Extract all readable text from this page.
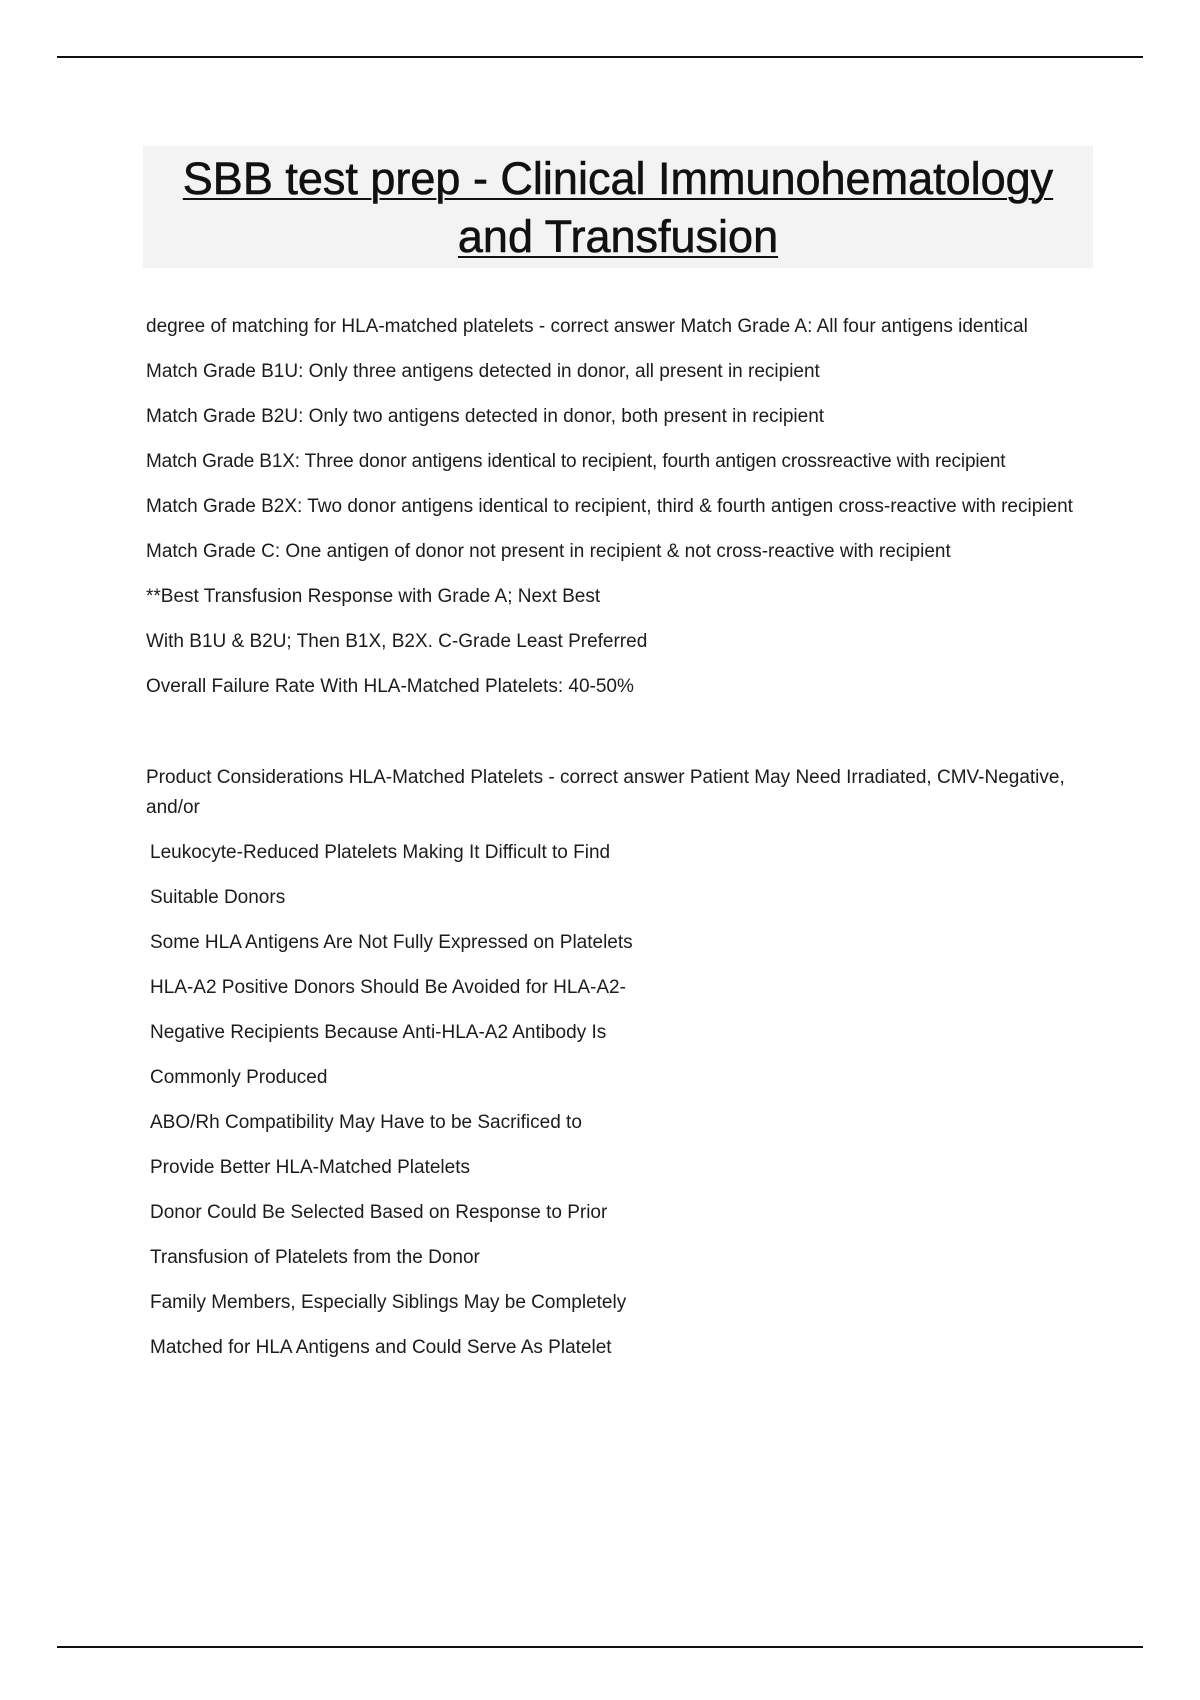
SBB test prep - Clinical Immunohematology
and Transfusion

degree of matching for HLA-matched platelets - correct answer Match Grade A: All four antigens identical

Match Grade B1U: Only three antigens detected in donor, all present in recipient

Match Grade B2U: Only two antigens detected in donor, both present in recipient

Match Grade B1X: Three donor antigens identical to recipient, fourth antigen crossreactive with recipient

Match Grade B2X: Two donor antigens identical to recipient, third & fourth antigen cross-reactive with recipient

Match Grade C: One antigen of donor not present in recipient & not cross-reactive with recipient

**Best Transfusion Response with Grade A; Next Best

With B1U & B2U; Then B1X, B2X. C-Grade Least Preferred

Overall Failure Rate With HLA-Matched Platelets: 40-50%

Product Considerations HLA-Matched Platelets - correct answer Patient May Need Irradiated, CMV-Negative, and/or

Leukocyte-Reduced Platelets Making It Difficult to Find

Suitable Donors

Some HLA Antigens Are Not Fully Expressed on Platelets

HLA-A2 Positive Donors Should Be Avoided for HLA-A2-

Negative Recipients Because Anti-HLA-A2 Antibody Is

Commonly Produced

ABO/Rh Compatibility May Have to be Sacrificed to

Provide Better HLA-Matched Platelets

Donor Could Be Selected Based on Response to Prior

Transfusion of Platelets from the Donor

Family Members, Especially Siblings May be Completely

Matched for HLA Antigens and Could Serve As Platelet
